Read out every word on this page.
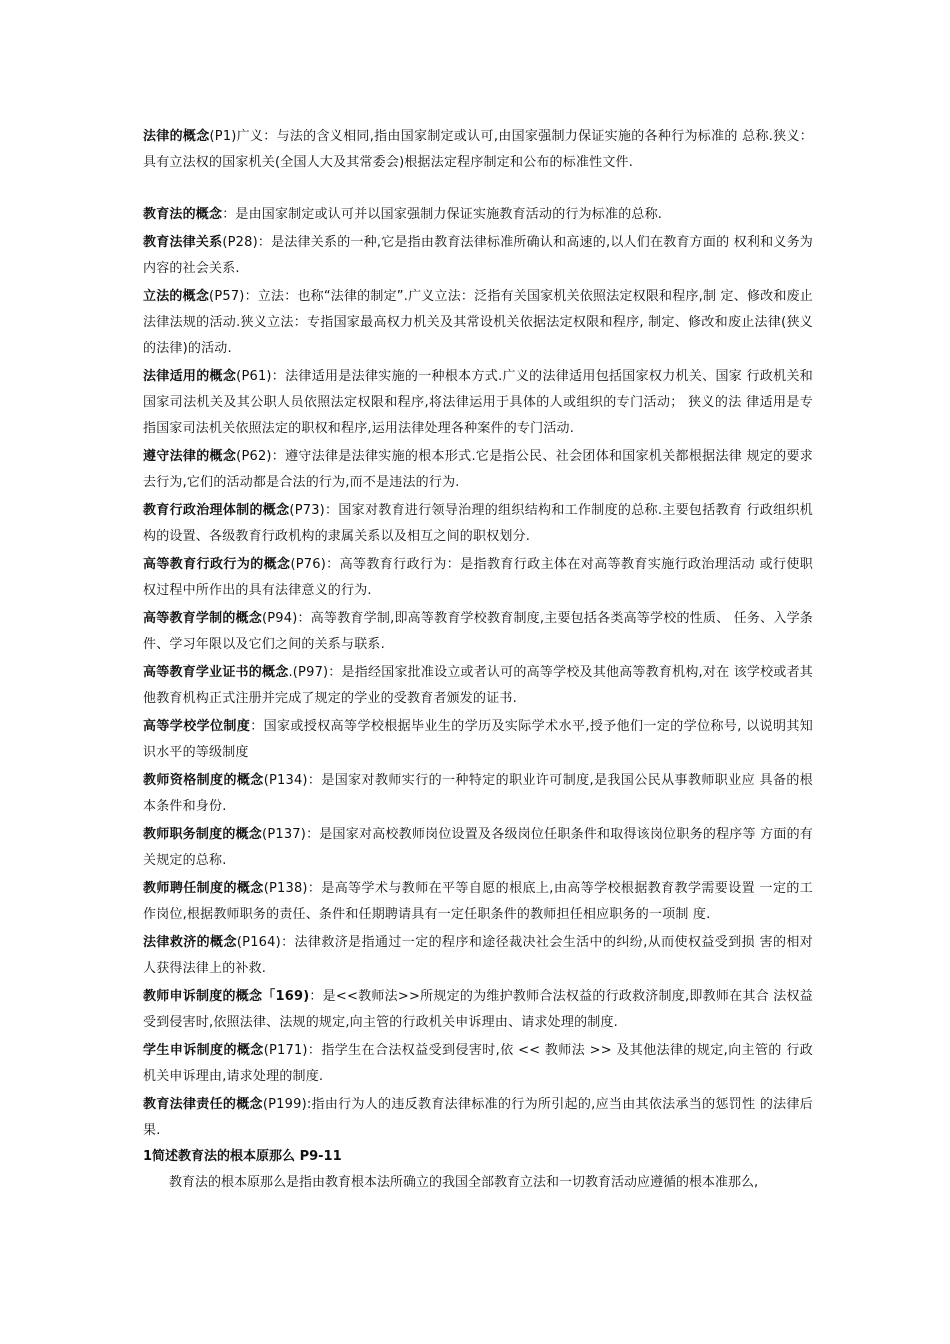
法律的概念(P1)广义：与法的含义相同,指由国家制定或认可,由国家强制力保证实施的各种行为标准的 总称.狭义：具有立法权的国家机关(全国人大及其常委会)根据法定程序制定和公布的标准性文件.

教育法的概念：是由国家制定或认可并以国家强制力保证实施教育活动的行为标准的总称.

教育法律关系(P28)：是法律关系的一种,它是指由教育法律标准所确认和高速的,以人们在教育方面的 权利和义务为内容的社会关系.

立法的概念(P57)：立法：也称“法律的制定”.广义立法：泛指有关国家机关依照法定权限和程序,制 定、修改和废止法律法规的活动.狭义立法：专指国家最高权力机关及其常设机关依据法定权限和程序, 制定、修改和废止法律(狭义的法律)的活动.

法律适用的概念(P61)：法律适用是法律实施的一种根本方式.广义的法律适用包括国家权力机关、国家 行政机关和国家司法机关及其公职人员依照法定权限和程序,将法律运用于具体的人或组织的专门活动； 狭义的法 律适用是专指国家司法机关依照法定的职权和程序,运用法律处理各种案件的专门活动.

遵守法律的概念(P62)：遵守法律是法律实施的根本形式.它是指公民、社会团体和国家机关都根据法律 规定的要求去行为,它们的活动都是合法的行为,而不是违法的行为.

教育行政治理体制的概念(P73)：国家对教育进行领导治理的组织结构和工作制度的总称.主要包括教育 行政组织机构的设置、各级教育行政机构的隶属关系以及相互之间的职权划分.

高等教育行政行为的概念(P76)：高等教育行政行为：是指教育行政主体在对高等教育实施行政治理活动 或行使职权过程中所作出的具有法律意义的行为.

高等教育学制的概念(P94)：高等教育学制,即高等教育学校教育制度,主要包括各类高等学校的性质、 任务、入学条件、学习年限以及它们之间的关系与联系.

高等教育学业证书的概念.(P97)：是指经国家批准设立或者认可的高等学校及其他高等教育机构,对在 该学校或者其他教育机构正式注册并完成了规定的学业的受教育者颁发的证书.

高等学校学位制度：国家或授权高等学校根据毕业生的学历及实际学术水平,授予他们一定的学位称号, 以说明其知识水平的等级制度

教师资格制度的概念(P134)：是国家对教师实行的一种特定的职业许可制度,是我国公民从事教师职业应 具备的根本条件和身份.

教师职务制度的概念(P137)：是国家对高校教师岗位设置及各级岗位任职条件和取得该岗位职务的程序等 方面的有关规定的总称.

教师聘任制度的概念(P138)：是高等学术与教师在平等自愿的根底上,由高等学校根据教育教学需要设置 一定的工作岗位,根据教师职务的责任、条件和任期聘请具有一定任职条件的教师担任相应职务的一项制 度.

法律救济的概念(P164)：法律救济是指通过一定的程序和途径裁决社会生活中的纠纷,从而使权益受到损 害的相对人获得法律上的补救.

教师申诉制度的概念「169)：是<<教师法>>所规定的为维护教师合法权益的行政救济制度,即教师在其合 法权益受到侵害时,依照法律、法规的规定,向主管的行政机关申诉理由、请求处理的制度.

学生申诉制度的概念(P171)：指学生在合法权益受到侵害时,依 << 教师法 >> 及其他法律的规定,向主管的 行政机关申诉理由,请求处理的制度.

教育法律责任的概念(P199):指由行为人的违反教育法律标准的行为所引起的,应当由其依法承当的惩罚性 的法律后果.

1简述教育法的根本原那么 P9-11

教育法的根本原那么是指由教育根本法所确立的我国全部教育立法和一切教育活动应遵循的根本准那么,
